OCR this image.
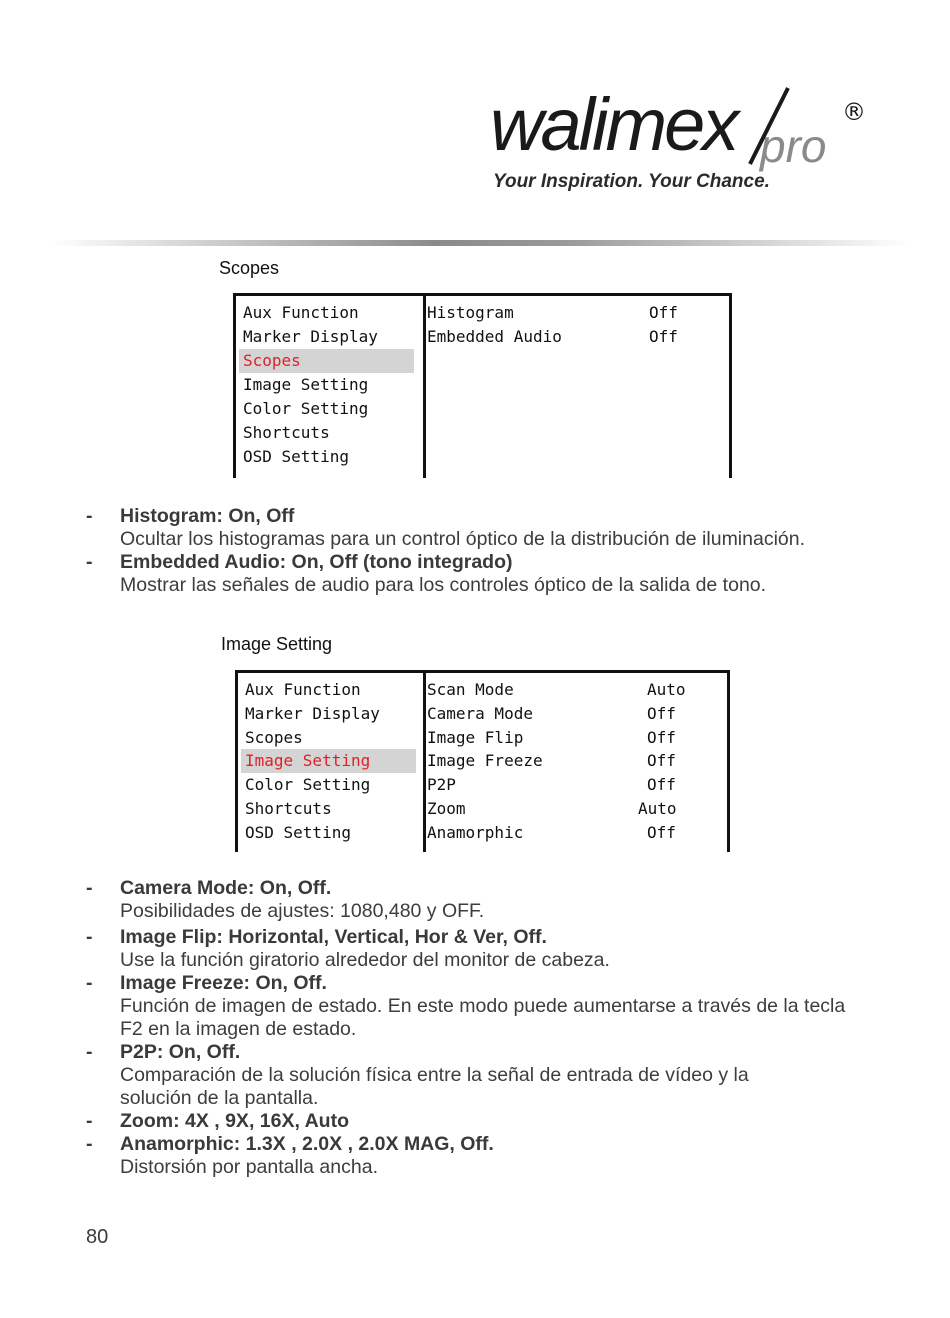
walimex pro
®
Your Inspiration. Your Chance.
Scopes
Aux Function
Marker Display
Scopes
Image Setting
Color Setting
Shortcuts
OSD Setting
Histogram	Off
Embedded Audio	Off
- Histogram: On, Off
Ocultar los histogramas para un control óptico de la distribución de iluminación.
- Embedded Audio: On, Off (tono integrado)
Mostrar las señales de audio para los controles óptico de la salida de tono.
Image Setting
Aux Function
Marker Display
Scopes
Image Setting
Color Setting
Shortcuts
OSD Setting
Scan Mode	Auto
Camera Mode	Off
Image Flip	Off
Image Freeze	Off
P2P	Off
Zoom	Auto
Anamorphic	Off
- Camera Mode: On, Off.
Posibilidades de ajustes: 1080,480 y OFF.
- Image Flip: Horizontal, Vertical, Hor & Ver, Off.
Use la función giratorio alrededor del monitor de cabeza.
- Image Freeze: On, Off.
Función de imagen de estado. En este modo puede aumentarse a través de la tecla F2 en la imagen de estado.
- P2P: On, Off.
Comparación de la solución física entre la señal de entrada de vídeo y la solución de la pantalla.
- Zoom: 4X , 9X, 16X, Auto
- Anamorphic: 1.3X , 2.0X , 2.0X MAG, Off.
Distorsión por pantalla ancha.
80
